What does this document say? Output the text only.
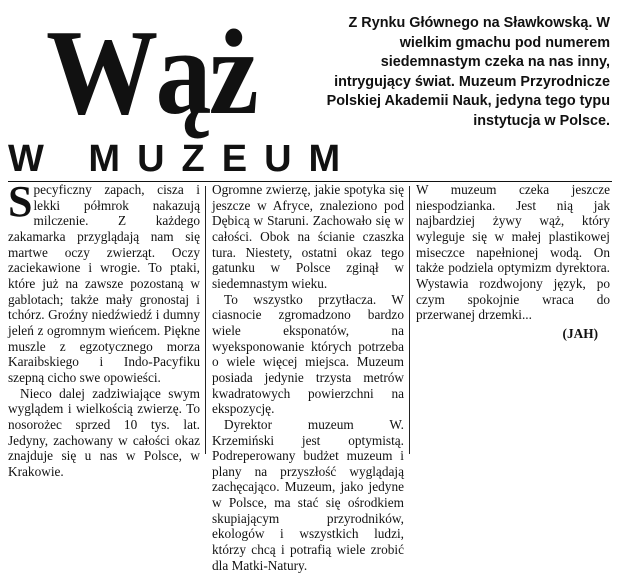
Wąż
W MUZEUM

Z Rynku Głównego na Sławkowską. W wielkim gmachu pod numerem siedemnastym czeka na nas inny, intrygujący świat. Muzeum Przyrodnicze Polskiej Akademii Nauk, jedyna tego typu instytucja w Polsce.

Specyficzny zapach, cisza i lekki półmrok nakazują milczenie. Z każdego zakamarka przyglądają nam się martwe oczy zwierząt. Oczy zaciekawione i wrogie. To ptaki, które już na zawsze pozostaną w gablotach; także mały gronostaj i tchórz. Groźny niedźwiedź i dumny jeleń z ogromnym wieńcem. Piękne muszle z egzotycznego morza Karaibskiego i Indo-Pacyfiku szepną cicho swe opowieści.

Nieco dalej zadziwiające swym wyglądem i wielkością zwierzę. To nosorożec sprzed 10 tys. lat. Jedyny, zachowany w całości okaz znajduje się u nas w Polsce, w Krakowie.

Ogromne zwierzę, jakie spotyka się jeszcze w Afryce, znaleziono pod Dębicą w Staruni. Zachowało się w całości. Obok na ścianie czaszka tura. Niestety, ostatni okaz tego gatunku w Polsce zginął w siedemnastym wieku.

To wszystko przytłacza. W ciasnocie zgromadzono bardzo wiele eksponatów, na wyeksponowanie których potrzeba o wiele więcej miejsca. Muzeum posiada jedynie trzysta metrów kwadratowych powierzchni na ekspozycję.

Dyrektor muzeum W. Krzemiński jest optymistą. Podreperowany budżet muzeum i plany na przyszłość wyglądają zachęcająco. Muzeum, jako jedyne w Polsce, ma stać się ośrodkiem skupiającym przyrodników, ekologów i wszystkich ludzi, którzy chcą i potrafią wiele zrobić dla Matki-Natury.

W muzeum czeka jeszcze niespodzianka. Jest nią jak najbardziej żywy wąż, który wyleguje się w małej plastikowej miseczce napełnionej wodą. On także podziela optymizm dyrektora. Wystawia rozdwojony język, po czym spokojnie wraca do przerwanej drzemki...

(JAH)
